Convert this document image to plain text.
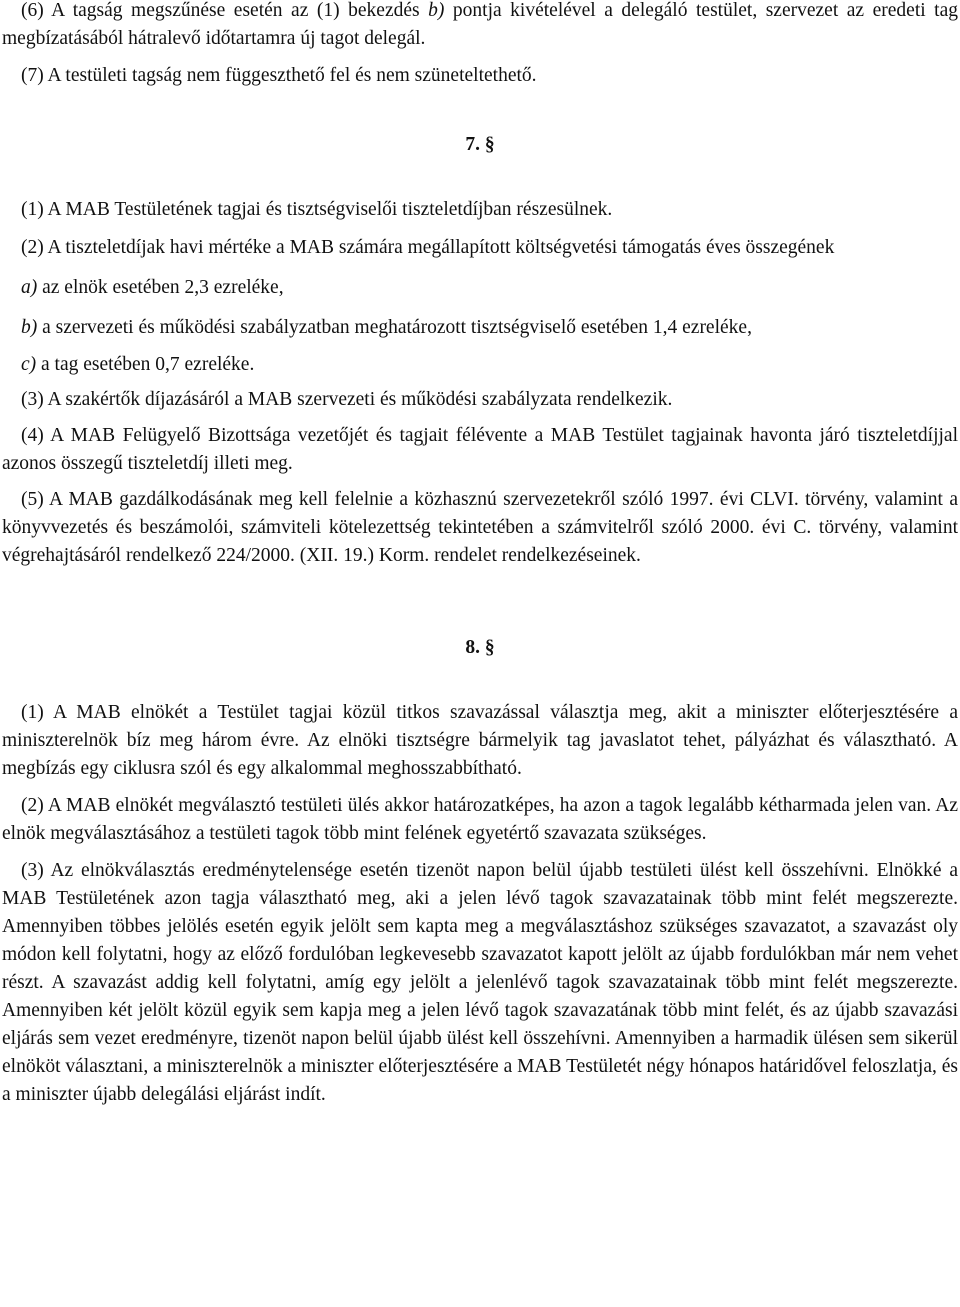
(6) A tagság megszűnése esetén az (1) bekezdés b) pontja kivételével a delegáló testület, szervezet az eredeti tag megbízatásából hátralevő időtartamra új tagot delegál.

(7) A testületi tagság nem függeszthető fel és nem szüneteltethető.

7. §

(1) A MAB Testületének tagjai és tisztségviselői tiszteletdíjban részesülnek.

(2) A tiszteletdíjak havi mértéke a MAB számára megállapított költségvetési támogatás éves összegének

a) az elnök esetében 2,3 ezreléke,

b) a szervezeti és működési szabályzatban meghatározott tisztségviselő esetében 1,4 ezreléke,

c) a tag esetében 0,7 ezreléke.

(3) A szakértők díjazásáról a MAB szervezeti és működési szabályzata rendelkezik.

(4) A MAB Felügyelő Bizottsága vezetőjét és tagjait félévente a MAB Testület tagjainak havonta járó tiszteletdíjjal azonos összegű tiszteletdíj illeti meg.

(5) A MAB gazdálkodásának meg kell felelnie a közhasznú szervezetekről szóló 1997. évi CLVI. törvény, valamint a könyvvezetés és beszámolói, számviteli kötelezettség tekintetében a számvitelről szóló 2000. évi C. törvény, valamint végrehajtásáról rendelkező 224/2000. (XII. 19.) Korm. rendelet rendelkezéseinek.

8. §

(1) A MAB elnökét a Testület tagjai közül titkos szavazással választja meg, akit a miniszter előterjesztésére a miniszterelnök bíz meg három évre. Az elnöki tisztségre bármelyik tag javaslatot tehet, pályázhat és választható. A megbízás egy ciklusra szól és egy alkalommal meghosszabbítható.

(2) A MAB elnökét megválasztó testületi ülés akkor határozatképes, ha azon a tagok legalább kétharmada jelen van. Az elnök megválasztásához a testületi tagok több mint felének egyetértő szavazata szükséges.

(3) Az elnökválasztás eredménytelensége esetén tizenöt napon belül újabb testületi ülést kell összehívni. Elnökké a MAB Testületének azon tagja választható meg, aki a jelen lévő tagok szavazatainak több mint felét megszerezte. Amennyiben többes jelölés esetén egyik jelölt sem kapta meg a megválasztáshoz szükséges szavazatot, a szavazást oly módon kell folytatni, hogy az előző fordulóban legkevesebb szavazatot kapott jelölt az újabb fordulókban már nem vehet részt. A szavazást addig kell folytatni, amíg egy jelölt a jelenlévő tagok szavazatainak több mint felét megszerezte. Amennyiben két jelölt közül egyik sem kapja meg a jelen lévő tagok szavazatának több mint felét, és az újabb szavazási eljárás sem vezet eredményre, tizenöt napon belül újabb ülést kell összehívni. Amennyiben a harmadik ülésen sem sikerül elnököt választani, a miniszterelnök a miniszter előterjesztésére a MAB Testületét négy hónapos határidővel feloszlatja, és a miniszter újabb delegálási eljárást indít.
